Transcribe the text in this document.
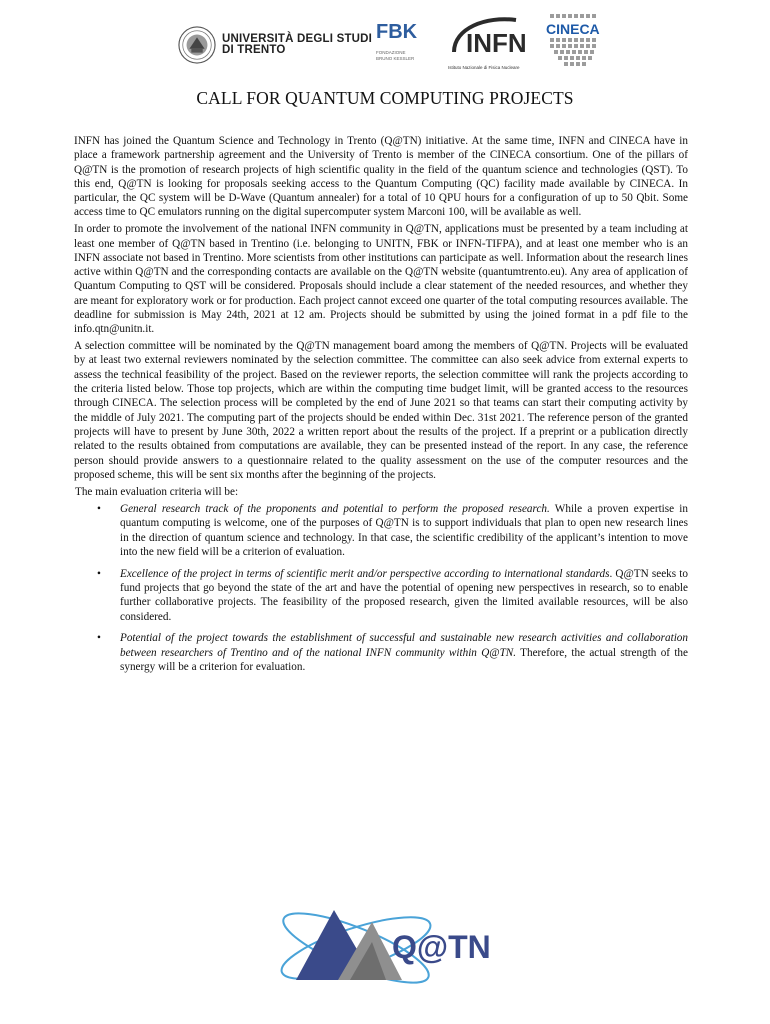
UNIVERSITÀ DEGLI STUDI
DI TRENTO
FBK
FONDAZIONE
BRUNO KESSLER
INFN
Istituto Nazionale di Fisica Nucleare
CINECA
CALL FOR QUANTUM COMPUTING PROJECTS

INFN has joined the Quantum Science and Technology in Trento (Q@TN) initiative. At the same time, INFN and CINECA have in place a framework partnership agreement and the University of Trento is member of the CINECA consortium. One of the pillars of Q@TN is the promotion of research projects of high scientific quality in the field of the quantum science and technologies (QST). To this end, Q@TN is looking for proposals seeking access to the Quantum Computing (QC) facility made available by CINECA. In particular, the QC system will be D-Wave (Quantum annealer) for a total of 10 QPU hours for a configuration of up to 50 Qbit. Some access time to QC emulators running on the digital supercomputer system Marconi 100, will be available as well.

In order to promote the involvement of the national INFN community in Q@TN, applications must be presented by a team including at least one member of Q@TN based in Trentino (i.e. belonging to UNITN, FBK or INFN-TIFPA), and at least one member who is an INFN associate not based in Trentino. More scientists from other institutions can participate as well. Information about the research lines active within Q@TN and the corresponding contacts are available on the Q@TN website (quantumtrento.eu). Any area of application of Quantum Computing to QST will be considered. Proposals should include a clear statement of the needed resources, and whether they are meant for exploratory work or for production. Each project cannot exceed one quarter of the total computing resources available. The deadline for submission is May 24th, 2021 at 12 am. Projects should be submitted by using the joined format in a pdf file to the info.qtn@unitn.it.

A selection committee will be nominated by the Q@TN management board among the members of Q@TN. Projects will be evaluated by at least two external reviewers nominated by the selection committee. The committee can also seek advice from external experts to assess the technical feasibility of the project. Based on the reviewer reports, the selection committee will rank the projects according to the criteria listed below. Those top projects, which are within the computing time budget limit, will be granted access to the resources through CINECA. The selection process will be completed by the end of June 2021 so that teams can start their computing activity by the middle of July 2021. The computing part of the projects should be ended within Dec. 31st 2021. The reference person of the granted projects will have to present by June 30th, 2022 a written report about the results of the project. If a preprint or a publication directly related to the results obtained from computations are available, they can be presented instead of the report. In any case, the reference person should provide answers to a questionnaire related to the quality assessment on the use of the computer resources and the proposed scheme, this will be sent six months after the beginning of the projects.

The main evaluation criteria will be:

• General research track of the proponents and potential to perform the proposed research. While a proven expertise in quantum computing is welcome, one of the purposes of Q@TN is to support individuals that plan to open new research lines in the direction of quantum science and technology. In that case, the scientific credibility of the applicant’s intention to move into the new field will be a criterion of evaluation.
• Excellence of the project in terms of scientific merit and/or perspective according to international standards. Q@TN seeks to fund projects that go beyond the state of the art and have the potential of opening new perspectives in research, so to enable further collaborative projects. The feasibility of the proposed research, given the limited available resources, will be also considered.
• Potential of the project towards the establishment of successful and sustainable new research activities and collaboration between researchers of Trentino and of the national INFN community within Q@TN. Therefore, the actual strength of the synergy will be a criterion for evaluation.
Q@TN
